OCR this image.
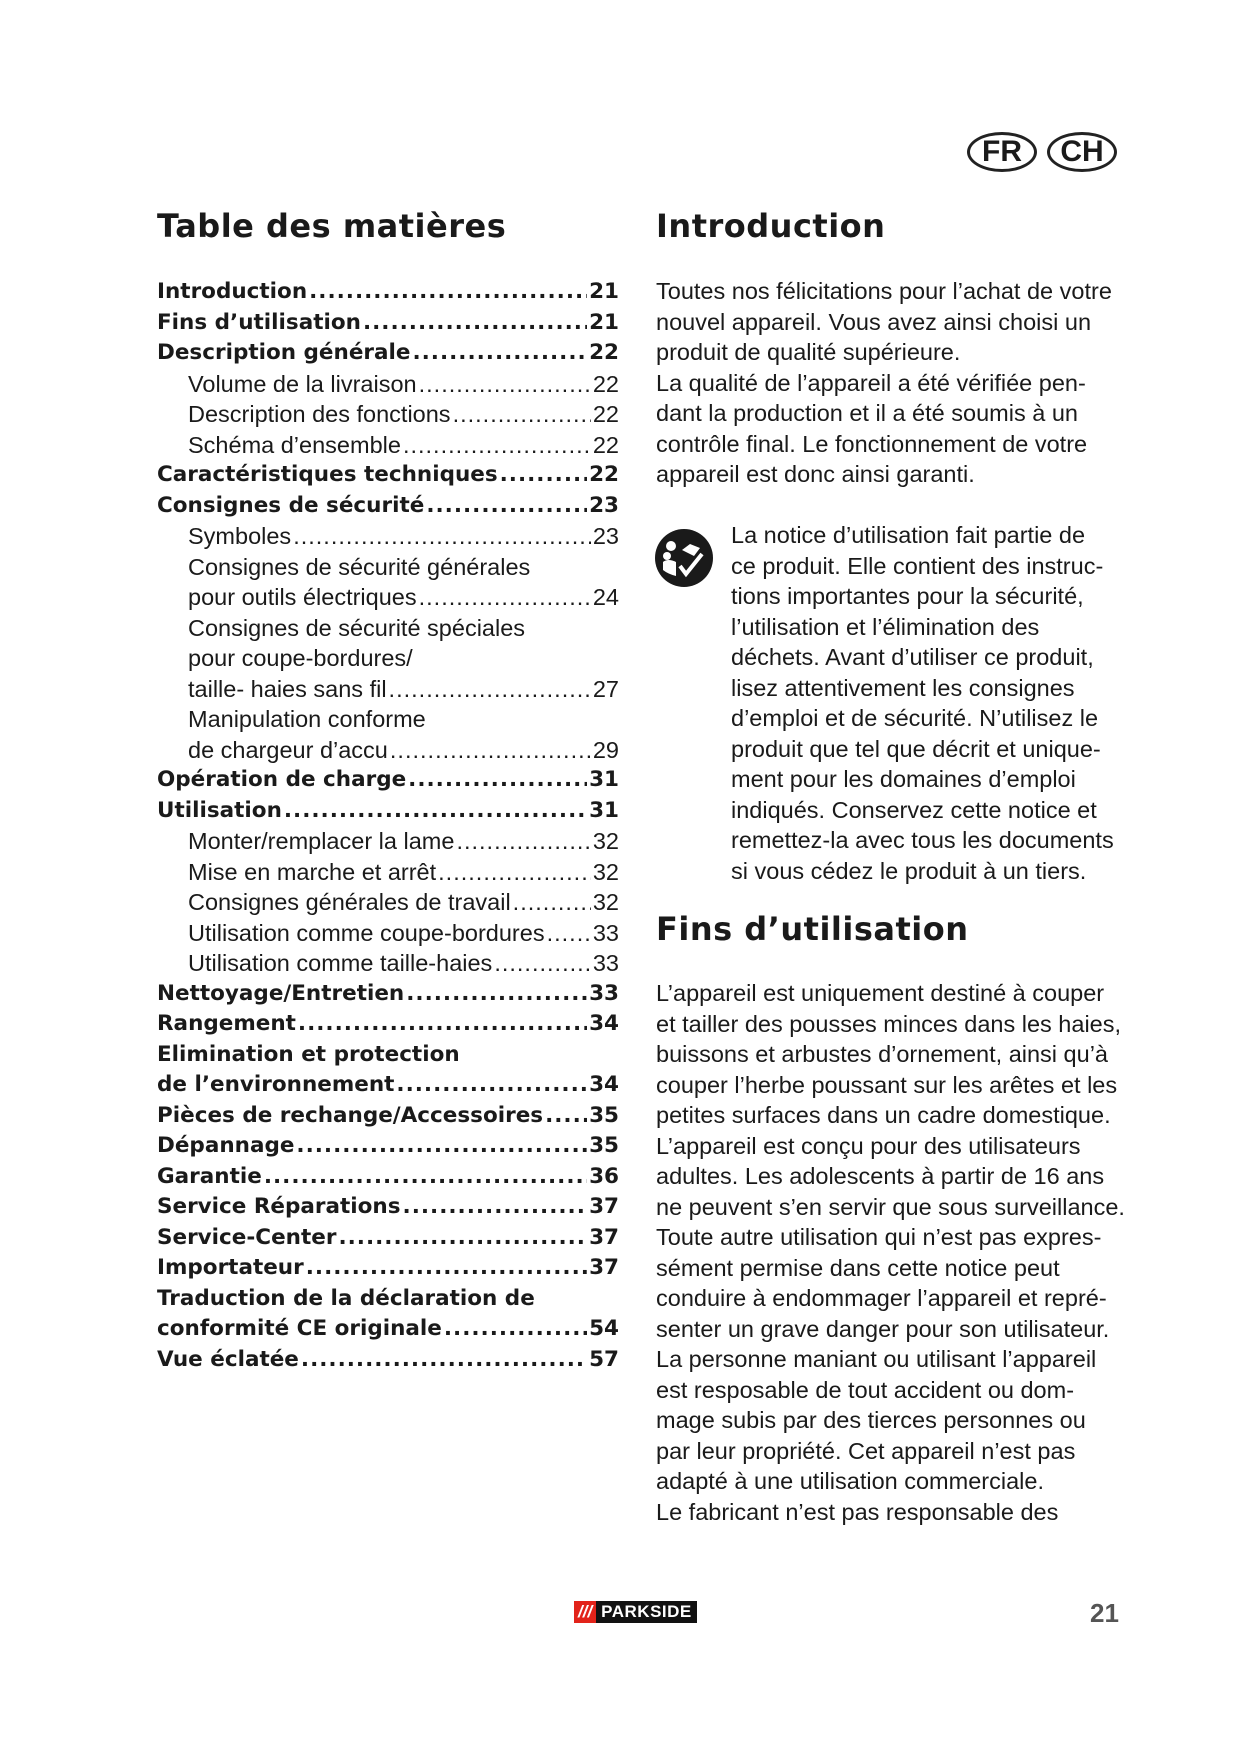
FR CH
Table des matières
Introduction .....	21
Fins d’utilisation .....	21
Description générale .....	22
Volume de la livraison .....	22
Description des fonctions .....	22
Schéma d’ensemble .....	22
Caractéristiques techniques .....	22
Consignes de sécurité .....	23
Symboles .....	23
Consignes de sécurité générales
pour outils électriques .....	24
Consignes de sécurité spéciales
pour coupe-bordures/
taille- haies sans fil .....	27
Manipulation conforme
de chargeur d’accu .....	29
Opération de charge .....	31
Utilisation .....	31
Monter/remplacer la lame .....	32
Mise en marche et arrêt .....	32
Consignes générales de travail .....	32
Utilisation comme coupe-bordures ..... 33
Utilisation comme taille-haies .....	33
Nettoyage/Entretien .....	33
Rangement .....	34
Elimination et protection
de l’environnement .....	34
Pièces de rechange/Accessoires ..... 35
Dépannage .....	35
Garantie .....	36
Service Réparations .....	37
Service-Center .....	37
Importateur .....	37
Traduction de la déclaration de
conformité CE originale .....	54
Vue éclatée .....	57
Introduction
Toutes nos félicitations pour l’achat de votre
nouvel appareil. Vous avez ainsi choisi un
produit de qualité supérieure.
La qualité de l’appareil a été vérifiée pen-
dant la production et il a été soumis à un
contrôle final. Le fonctionnement de votre
appareil est donc ainsi garanti.
La notice d’utilisation fait partie de
ce produit. Elle contient des instruc-
tions importantes pour la sécurité,
l’utilisation et l’élimination des
déchets. Avant d’utiliser ce produit,
lisez attentivement les consignes
d’emploi et de sécurité. N’utilisez le
produit que tel que décrit et unique-
ment pour les domaines d’emploi
indiqués. Conservez cette notice et
remettez-la avec tous les documents
si vous cédez le produit à un tiers.
Fins d’utilisation
L’appareil est uniquement destiné à couper
et tailler des pousses minces dans les haies,
buissons et arbustes d’ornement, ainsi qu’à
couper l’herbe poussant sur les arêtes et les
petites surfaces dans un cadre domestique.
L’appareil est conçu pour des utilisateurs
adultes. Les adolescents à partir de 16 ans
ne peuvent s’en servir que sous surveillance.
Toute autre utilisation qui n’est pas expres-
sément permise dans cette notice peut
conduire à endommager l’appareil et repré-
senter un grave danger pour son utilisateur.
La personne maniant ou utilisant l’appareil
est resposable de tout accident ou dom-
mage subis par des tierces personnes ou
par leur propriété. Cet appareil n’est pas
adapté à une utilisation commerciale.
Le fabricant n’est pas responsable des
/// PARKSIDE	21
